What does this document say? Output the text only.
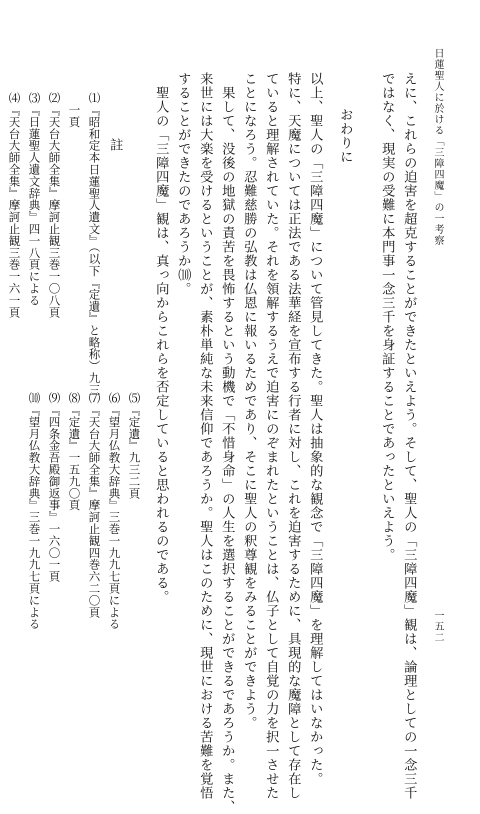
日蓮聖人に於ける「三障四魔」の一考察
一五二
えに、これらの迫害を超克することができたといえよう。そして、聖人の「三障四魔」観は、論理としての一念三千
ではなく、現実の受難に本門事一念三千を身証することであったといえよう。
おわりに
以上、聖人の「三障四魔」について管見してきた。聖人は抽象的な観念で「三障四魔」を理解してはいなかった。
特に、天魔については正法である法華経を宣布する行者に対し、これを迫害するために、具現的な魔障として存在し
ていると理解されていた。それを領解するうえで迫害にのぞまれたということは、仏子として自覚の力を択一させた
ことになろう。忍難慈勝の弘教は仏恩に報いるためであり、そこに聖人の釈尊観をみることができよう。
果して、没後の地獄の責苦を畏怖するという動機で「不惜身命」の人生を選択することができるであろうか。また、
来世には大楽を受けるということが、素朴単純な未来信仰であろうか。聖人はこのために、現世における苦難を覚悟
することができたのであろうか⑽。
聖人の「三障四魔」観は、真っ向からこれらを否定していると思われるのである。
註
⑸『定遺』九三二頁
⑹『望月仏教大辞典』三巻一九九七頁による
⑺『天台大師全集』摩訶止観四巻六二〇頁
⑻『定遺』一五九〇頁
⑼『四条金吾殿御返事』一六〇一頁
⑽『望月仏教大辞典』三巻一九九七頁による
⑴『昭和定本日蓮聖人遺文』（以下『定遺』と略称）九三
一頁
⑵『天台大師全集』摩訶止観三巻一〇八頁
⑶『日蓮聖人遺文辞典』四一八頁による
⑷『天台大師全集』摩訶止観三巻一六一頁
